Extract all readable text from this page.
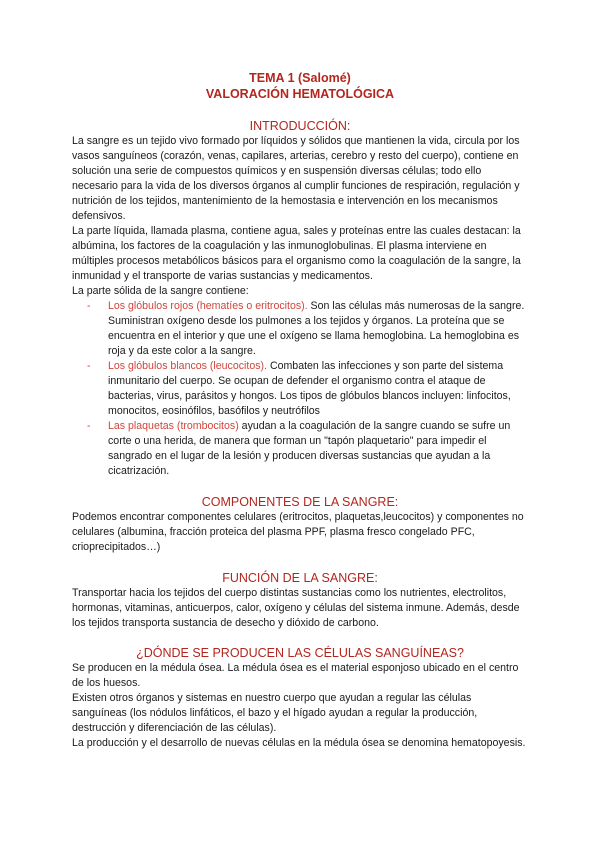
TEMA 1 (Salomé)

VALORACIÓN HEMATOLÓGICA

INTRODUCCIÓN:

La sangre es un tejido vivo formado por líquidos y sólidos que mantienen la vida, circula por los vasos sanguíneos (corazón, venas, capilares, arterias, cerebro y resto del cuerpo), contiene en solución una serie de compuestos químicos y en suspensión diversas células; todo ello necesario para la vida de los diversos órganos al cumplir funciones de respiración, regulación y nutrición de los tejidos, mantenimiento de la hemostasia e intervención en los mecanismos defensivos.

La parte líquida, llamada plasma, contiene agua, sales y proteínas entre las cuales destacan: la albúmina, los factores de la coagulación y las inmunoglobulinas. El plasma interviene en múltiples procesos metabólicos básicos para el organismo como la coagulación de la sangre, la inmunidad y el transporte de varias sustancias y medicamentos.

La parte sólida de la sangre contiene:

- Los glóbulos rojos (hematíes o eritrocitos). Son las células más numerosas de la sangre. Suministran oxígeno desde los pulmones a los tejidos y órganos. La proteína que se encuentra en el interior y que une el oxígeno se llama hemoglobina. La hemoglobina es roja y da este color a la sangre.
- Los glóbulos blancos (leucocitos). Combaten las infecciones y son parte del sistema inmunitario del cuerpo. Se ocupan de defender el organismo contra el ataque de bacterias, virus, parásitos y hongos. Los tipos de glóbulos blancos incluyen: linfocitos, monocitos, eosinófilos, basófilos y neutrófilos
- Las plaquetas (trombocitos) ayudan a la coagulación de la sangre cuando se sufre un corte o una herida, de manera que forman un "tapón plaquetario" para impedir el sangrado en el lugar de la lesión y producen diversas sustancias que ayudan a la cicatrización.

COMPONENTES DE LA SANGRE:

Podemos encontrar componentes celulares (eritrocitos, plaquetas,leucocitos) y componentes no celulares (albumina, fracción proteica del plasma PPF, plasma fresco congelado PFC, crioprecipitados…)

FUNCIÓN DE LA SANGRE:

Transportar hacia los tejidos del cuerpo distintas sustancias como los nutrientes, electrolitos, hormonas, vitaminas, anticuerpos, calor, oxígeno y células del sistema inmune. Además, desde los tejidos transporta sustancia de desecho y dióxido de carbono.

¿DÓNDE SE PRODUCEN LAS CÉLULAS SANGUÍNEAS?

Se producen en la médula ósea. La médula ósea es el material esponjoso ubicado en el centro de los huesos.

Existen otros órganos y sistemas en nuestro cuerpo que ayudan a regular las células sanguíneas (los nódulos linfáticos, el bazo y el hígado ayudan a regular la producción, destrucción y diferenciación de las células).

La producción y el desarrollo de nuevas células en la médula ósea se denomina hematopoyesis.
